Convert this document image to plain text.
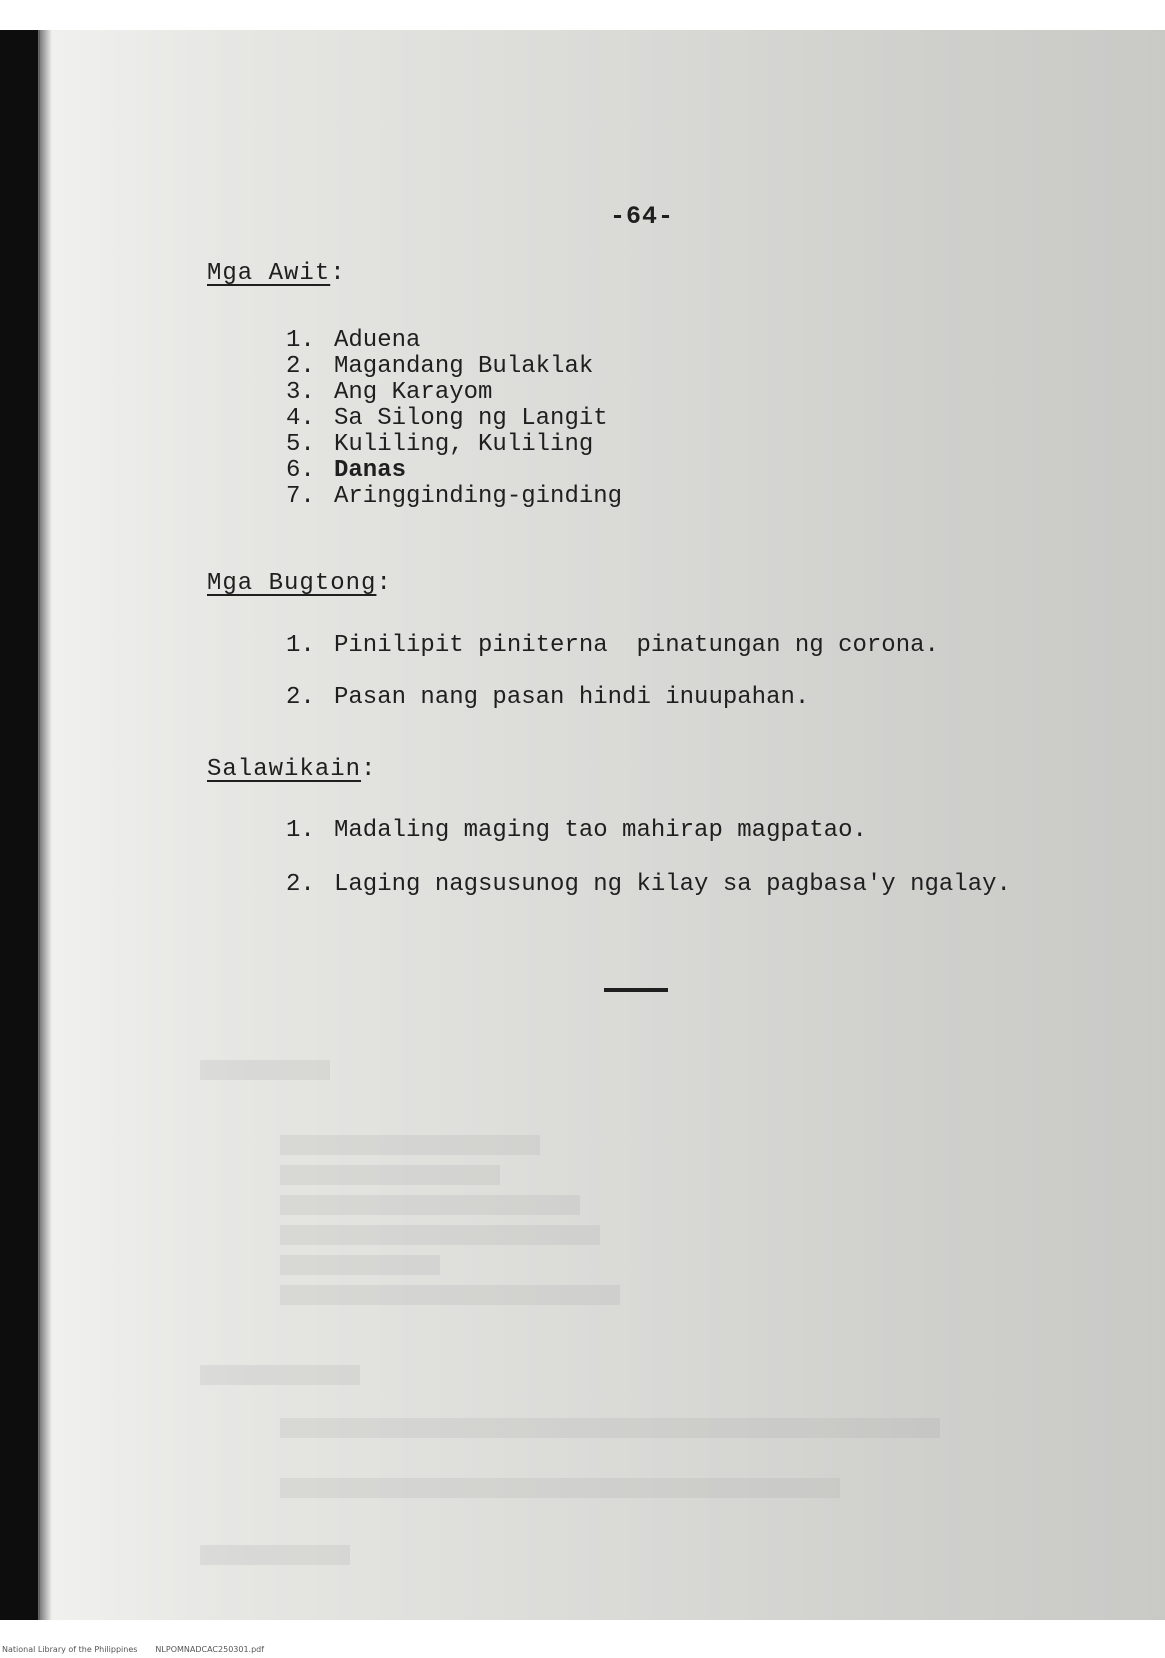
-64-
Mga Awit:
1. Aduena
2. Magandang Bulaklak
3. Ang Karayom
4. Sa Silong ng Langit
5. Kuliling, Kuliling
6. Danas
7. Aringginding-ginding
Mga Bugtong:
1. Pinilipit piniterna  pinatungan ng corona.
2. Pasan nang pasan hindi inuupahan.
Salawikain:
1. Madaling maging tao mahirap magpatao.
2. Laging nagsusunog ng kilay sa pagbasa'y ngalay.
National Library of the Philippines NLPOMNADCAC250301.pdf
